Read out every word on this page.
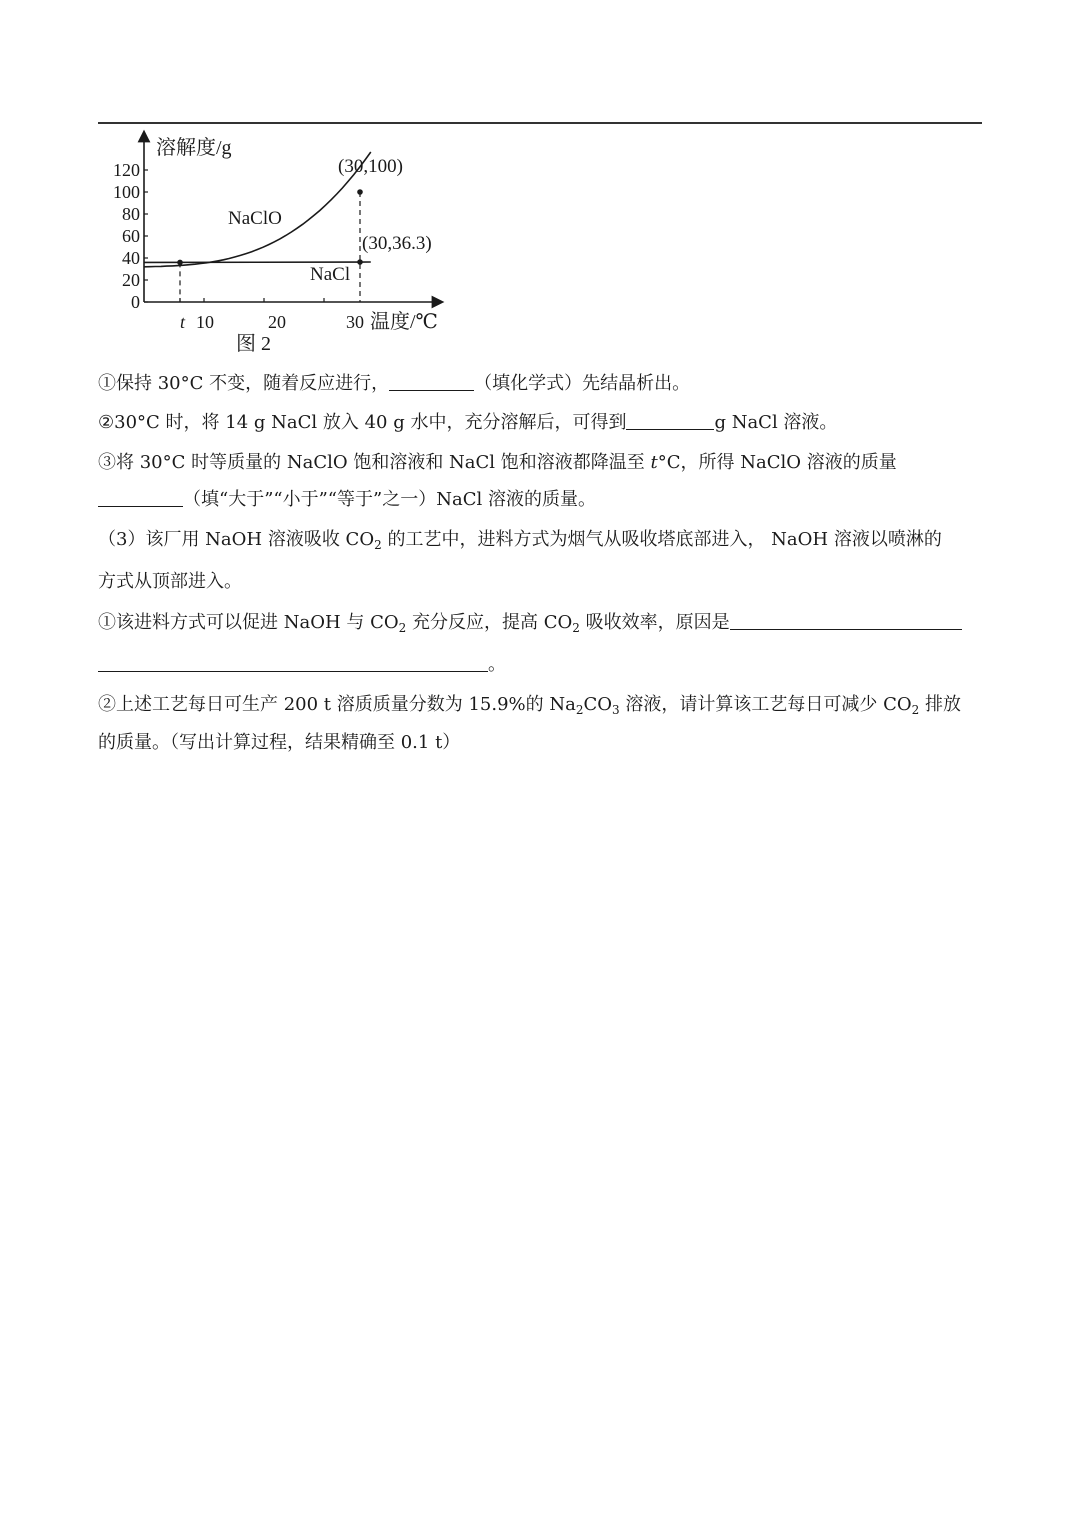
0
20
40
60
80
100
120
t 10	20	30
溶解度/g
温度/℃
图 2
NaClO
NaCl
(30,100)
(30,36.3)
①保持 30°C 不变，随着反应进行，	（填化学式）先结晶析出。
②30°C 时，将 14 g NaCl 放入 40 g 水中，充分溶解后，可得到	g NaCl 溶液。
③将 30°C 时等质量的 NaClO 饱和溶液和 NaCl 饱和溶液都降温至 t°C，所得 NaClO 溶液的质量
（填“大于”“小于”“等于”之一）NaCl 溶液的质量。
（3）该厂用 NaOH 溶液吸收 $CO_2$ 的工艺中，进料方式为烟气从吸收塔底部进入， NaOH 溶液以喷淋的
方式从顶部进入。
①该进料方式可以促进 NaOH 与 $CO_2$ 充分反应，提高 $CO_2$ 吸收效率，原因是
。
②上述工艺每日可生产 200 t 溶质质量分数为 15.9%的 $Na_2CO_3$ 溶液，请计算该工艺每日可减少 $CO_2$ 排放
的质量。（写出计算过程，结果精确至 0.1 t）
